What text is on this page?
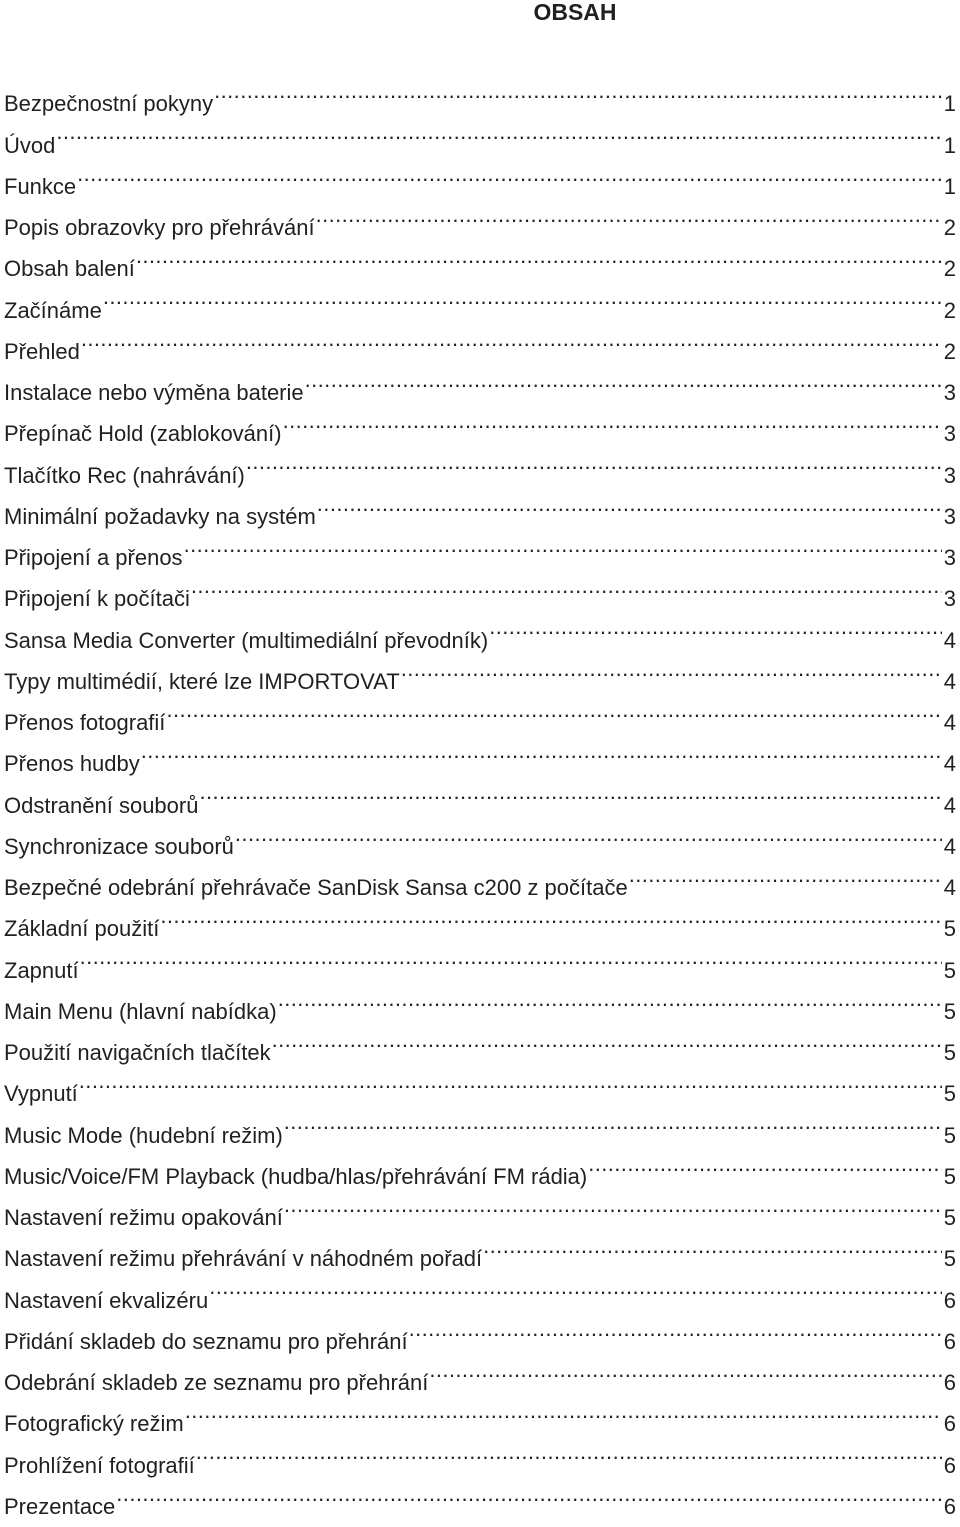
OBSAH
Bezpečnostní pokyny .....	1
Úvod .....	1
Funkce .....	1
Popis obrazovky pro přehrávání .....	2
Obsah balení .....	2
Začínáme .....	2
Přehled .....	2
Instalace nebo výměna baterie .....	3
Přepínač Hold (zablokování) .....	3
Tlačítko Rec (nahrávání) .....	3
Minimální požadavky na systém .....	3
Připojení a přenos .....	3
Připojení k počítači .....	3
Sansa Media Converter (multimediální převodník) .....	4
Typy multimédií, které lze IMPORTOVAT .....	4
Přenos fotografií .....	4
Přenos hudby .....	4
Odstranění souborů .....	4
Synchronizace souborů .....	4
Bezpečné odebrání přehrávače SanDisk Sansa c200 z počítače .....	4
Základní použití .....	5
Zapnutí .....	5
Main Menu (hlavní nabídka) .....	5
Použití navigačních tlačítek .....	5
Vypnutí .....	5
Music Mode (hudební režim) .....	5
Music/Voice/FM Playback (hudba/hlas/přehrávání FM rádia) .....	5
Nastavení režimu opakování .....	5
Nastavení režimu přehrávání v náhodném pořadí .....	5
Nastavení ekvalizéru .....	6
Přidání skladeb do seznamu pro přehrání .....	6
Odebrání skladeb ze seznamu pro přehrání .....	6
Fotografický režim .....	6
Prohlížení fotografií .....	6
Prezentace .....	6
